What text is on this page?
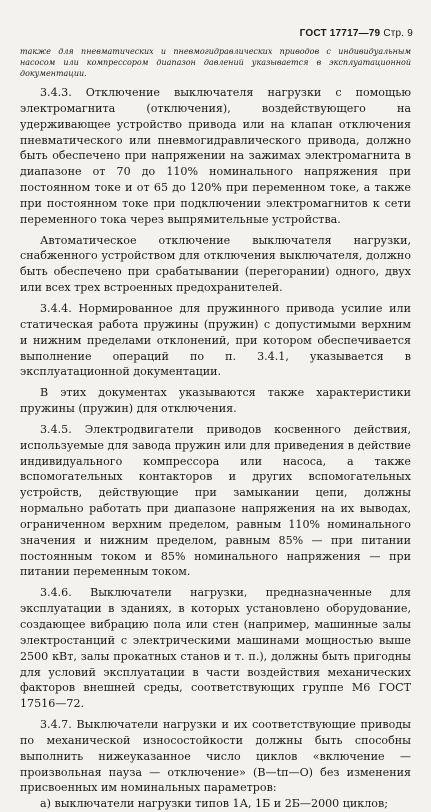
ГОСТ 17717—79 Стр. 9

также для пневматических и пневмогидравлических приводов с индивидуальным насосом или компрессором диапазон давлений указывается в эксплуатационной документации.

3.4.3. Отключение выключателя нагрузки с помощью электромагнита (отключения), воздействующего на удерживающее устройство привода или на клапан отключения пневматического или пневмогидравлического привода, должно быть обеспечено при напряжении на зажимах электромагнита в диапазоне от 70 до 110% номинального напряжения при постоянном токе и от 65 до 120% при переменном токе, а также при постоянном токе при подключении электромагнитов к сети переменного тока через выпрямительные устройства.

Автоматическое отключение выключателя нагрузки, снабженного устройством для отключения выключателя, должно быть обеспечено при срабатывании (перегорании) одного, двух или всех трех встроенных предохранителей.

3.4.4. Нормированное для пружинного привода усилие или статическая работа пружины (пружин) с допустимыми верхним и нижним пределами отклонений, при котором обеспечивается выполнение операций по п. 3.4.1, указывается в эксплуатационной документации.

В этих документах указываются также характеристики пружины (пружин) для отключения.

3.4.5. Электродвигатели приводов косвенного действия, используемые для завода пружин или для приведения в действие индивидуального компрессора или насоса, а также вспомогательных контакторов и других вспомогательных устройств, действующие при замыкании цепи, должны нормально работать при диапазоне напряжения на их выводах, ограниченном верхним пределом, равным 110% номинального значения и нижним пределом, равным 85% — при питании постоянным током и 85% номинального напряжения — при питании переменным током.

3.4.6. Выключатели нагрузки, предназначенные для эксплуатации в зданиях, в которых установлено оборудование, создающее вибрацию пола или стен (например, машинные залы электростанций с электрическими машинами мощностью выше 2500 кВт, залы прокатных станов и т. п.), должны быть пригодны для условий эксплуатации в части воздействия механических факторов внешней среды, соответствующих группе М6 ГОСТ 17516—72.

3.4.7. Выключатели нагрузки и их соответствующие приводы по механической износостойкости должны быть способны выполнить нижеуказанное число циклов «включение — произвольная пауза — отключение» (В—tп—О) без изменения присвоенных им номинальных параметров:

а) выключатели нагрузки типов 1А, 1Б и 2Б—2000 циклов;
